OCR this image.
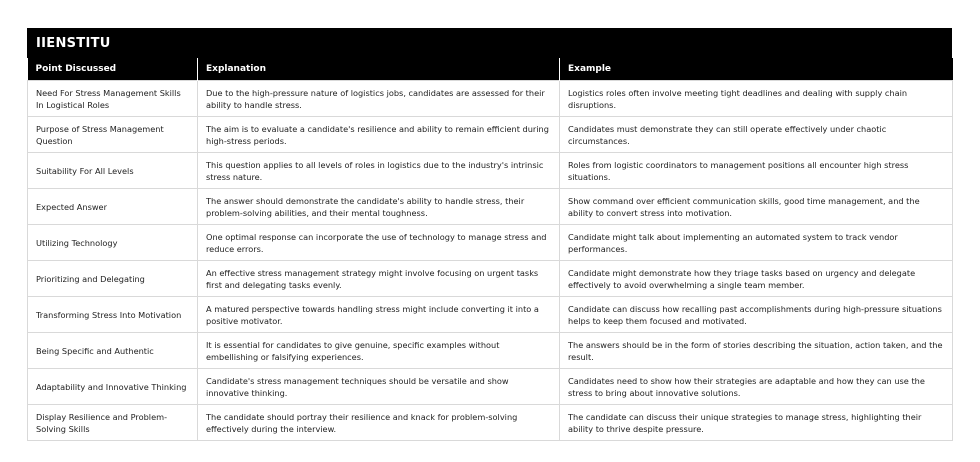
IIENSTITU
Point Discussed	Explanation	Example
Need For Stress Management Skills In Logistical Roles	Due to the high-pressure nature of logistics jobs, candidates are assessed for their ability to handle stress.	Logistics roles often involve meeting tight deadlines and dealing with supply chain disruptions.
Purpose of Stress Management Question	The aim is to evaluate a candidate's resilience and ability to remain efficient during high-stress periods.	Candidates must demonstrate they can still operate effectively under chaotic circumstances.
Suitability For All Levels	This question applies to all levels of roles in logistics due to the industry's intrinsic stress nature.	Roles from logistic coordinators to management positions all encounter high stress situations.
Expected Answer	The answer should demonstrate the candidate's ability to handle stress, their problem-solving abilities, and their mental toughness.	Show command over efficient communication skills, good time management, and the ability to convert stress into motivation.
Utilizing Technology	One optimal response can incorporate the use of technology to manage stress and reduce errors.	Candidate might talk about implementing an automated system to track vendor performances.
Prioritizing and Delegating	An effective stress management strategy might involve focusing on urgent tasks first and delegating tasks evenly.	Candidate might demonstrate how they triage tasks based on urgency and delegate effectively to avoid overwhelming a single team member.
Transforming Stress Into Motivation	A matured perspective towards handling stress might include converting it into a positive motivator.	Candidate can discuss how recalling past accomplishments during high-pressure situations helps to keep them focused and motivated.
Being Specific and Authentic	It is essential for candidates to give genuine, specific examples without embellishing or falsifying experiences.	The answers should be in the form of stories describing the situation, action taken, and the result.
Adaptability and Innovative Thinking	Candidate's stress management techniques should be versatile and show innovative thinking.	Candidates need to show how their strategies are adaptable and how they can use the stress to bring about innovative solutions.
Display Resilience and Problem-Solving Skills	The candidate should portray their resilience and knack for problem-solving effectively during the interview.	The candidate can discuss their unique strategies to manage stress, highlighting their ability to thrive despite pressure.
